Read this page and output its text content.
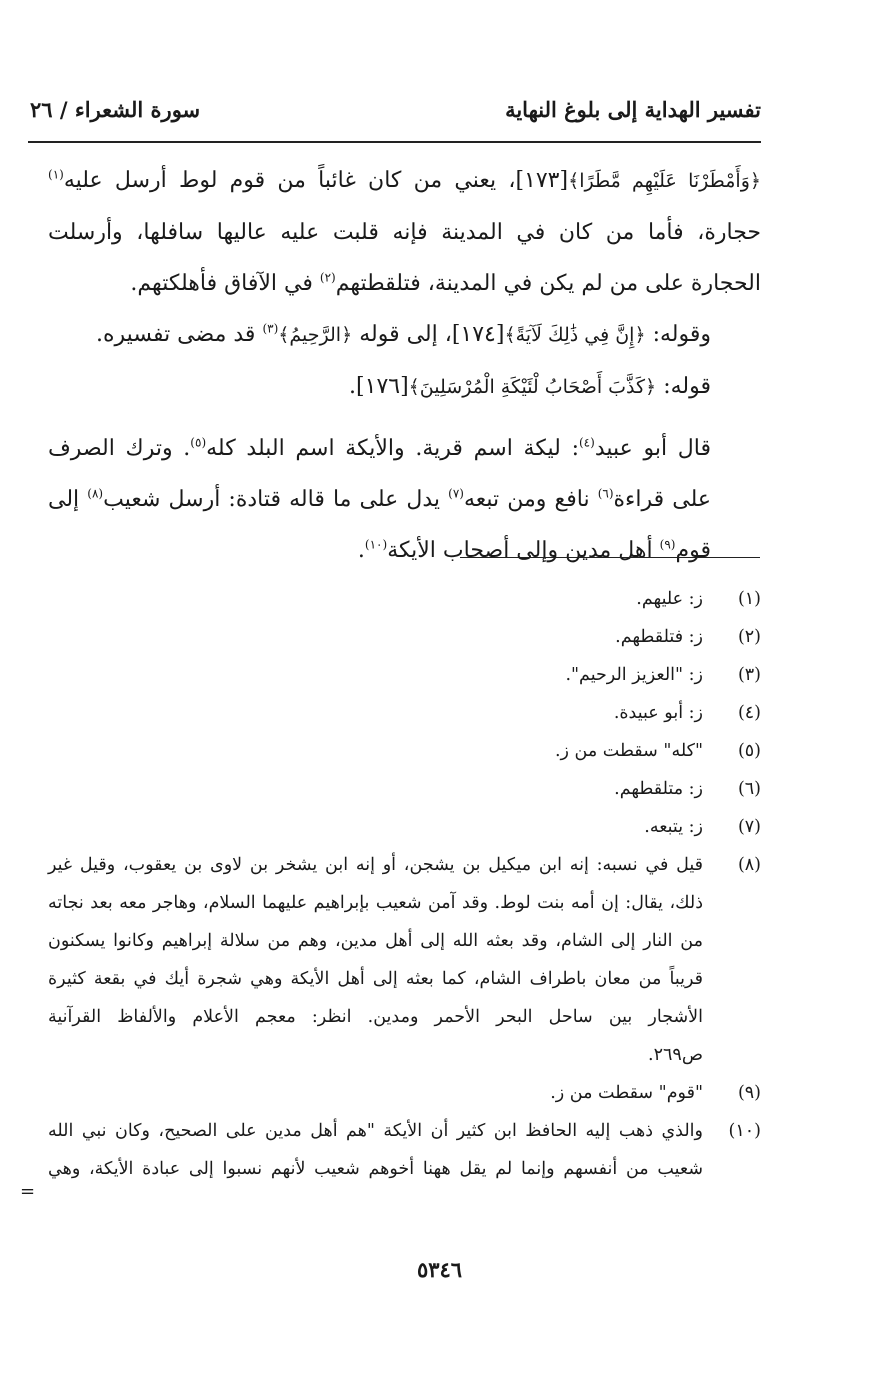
تفسير الهداية إلى بلوغ النهاية
سورة الشعراء / ٢٦

﴿وَأَمْطَرْنَا عَلَيْهِم مَّطَرًا﴾[١٧٣]، يعني من كان غائباً من قوم لوط أرسل عليه$^{(١)}$ حجارة، فأما من كان في المدينة فإنه قلبت عليه عاليها سافلها، وأرسلت الحجارة على من لم يكن في المدينة، فتلقطتهم$^{(٢)}$ في الآفاق فأهلكتهم.

وقوله: ﴿إِنَّ فِي ذَٰلِكَ لَآيَةً﴾[١٧٤]، إلى قوله ﴿الرَّحِيمُ﴾$^{(٣)}$ قد مضى تفسيره.

قوله: ﴿كَذَّبَ أَصْحَابُ لْئَيْكَةِ الْمُرْسَلِينَ﴾[١٧٦].

قال أبو عبيد$^{(٤)}$: ليكة اسم قرية. والأيكة اسم البلد كله$^{(٥)}$. وترك الصرف على قراءة$^{(٦)}$ نافع ومن تبعه$^{(٧)}$ يدل على ما قاله قتادة: أرسل شعيب$^{(٨)}$ إلى قوم$^{(٩)}$ أهل مدين وإلى أصحاب الأيكة$^{(١٠)}$.

(١)
ز: عليهم.
(٢)
ز: فتلقطهم.
(٣)
ز: "العزيز الرحيم".
(٤)
ز: أبو عبيدة.
(٥)
"كله" سقطت من ز.
(٦)
ز: متلقطهم.
(٧)
ز: يتبعه.
(٨)
قيل في نسبه: إنه ابن ميكيل بن يشجن، أو إنه ابن يشخر بن لاوى بن يعقوب، وقيل غير ذلك، يقال: إن أمه بنت لوط. وقد آمن شعيب بإبراهيم عليهما السلام، وهاجر معه بعد نجاته من النار إلى الشام، وقد بعثه الله إلى أهل مدين، وهم من سلالة إبراهيم وكانوا يسكنون قريباً من معان باطراف الشام، كما بعثه إلى أهل الأيكة وهي شجرة أيك في بقعة كثيرة الأشجار بين ساحل البحر الأحمر ومدين. انظر: معجم الأعلام والألفاظ القرآنية
ص٢٦٩.
(٩)
"قوم" سقطت من ز.
(١٠)
والذي ذهب إليه الحافظ ابن كثير أن الأيكة "هم أهل مدين على الصحيح، وكان نبي الله شعيب من أنفسهم وإنما لم يقل ههنا أخوهم شعيب لأنهم نسبوا إلى عبادة الأيكة، وهي
=
٥٣٤٦
